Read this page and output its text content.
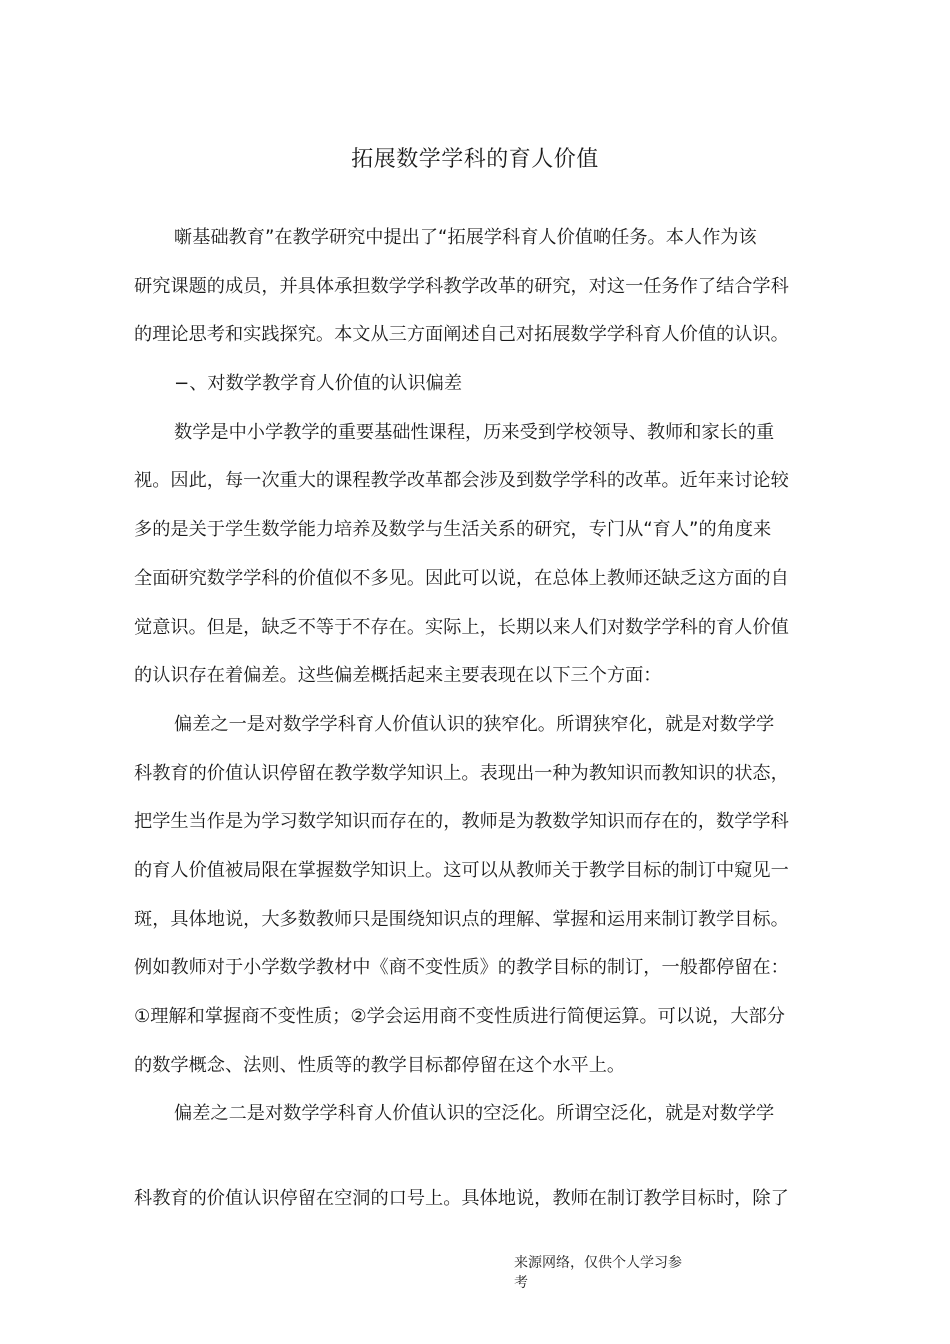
拓展数学学科的育人价值
噺基础教育”在教学研究中提出了“拓展学科育人价值啲任务。本人作为该
研究课题的成员，并具体承担数学学科教学改革的研究，对这一任务作了结合学科
的理论思考和实践探究。本文从三方面阐述自己对拓展数学学科育人价值的认识。
−、对数学教学育人价值的认识偏差
数学是中小学教学的重要基础性课程，历来受到学校领导、教师和家长的重
视。因此，每一次重大的课程教学改革都会涉及到数学学科的改革。近年来讨论较
多的是关于学生数学能力培养及数学与生活关系的研究，专门从“育人”的角度来
全面研究数学学科的价值似不多见。因此可以说，在总体上教师还缺乏这方面的自
觉意识。但是，缺乏不等于不存在。实际上，长期以来人们对数学学科的育人价值
的认识存在着偏差。这些偏差概括起来主要表现在以下三个方面：
偏差之一是对数学学科育人价值认识的狭窄化。所谓狭窄化，就是对数学学
科教育的价值认识停留在教学数学知识上。表现出一种为教知识而教知识的状态，
把学生当作是为学习数学知识而存在的，教师是为教数学知识而存在的，数学学科
的育人价值被局限在掌握数学知识上。这可以从教师关于教学目标的制订中窥见一
斑，具体地说，大多数教师只是围绕知识点的理解、掌握和运用来制订教学目标。
例如教师对于小学数学教材中《商不变性质》的教学目标的制订，一般都停留在：
①理解和掌握商不变性质；②学会运用商不变性质进行简便运算。可以说，大部分
的数学概念、法则、性质等的教学目标都停留在这个水平上。
偏差之二是对数学学科育人价值认识的空泛化。所谓空泛化，就是对数学学
科教育的价值认识停留在空洞的口号上。具体地说，教师在制订教学目标时，除了
来源网络，仅供个人学习参
考
